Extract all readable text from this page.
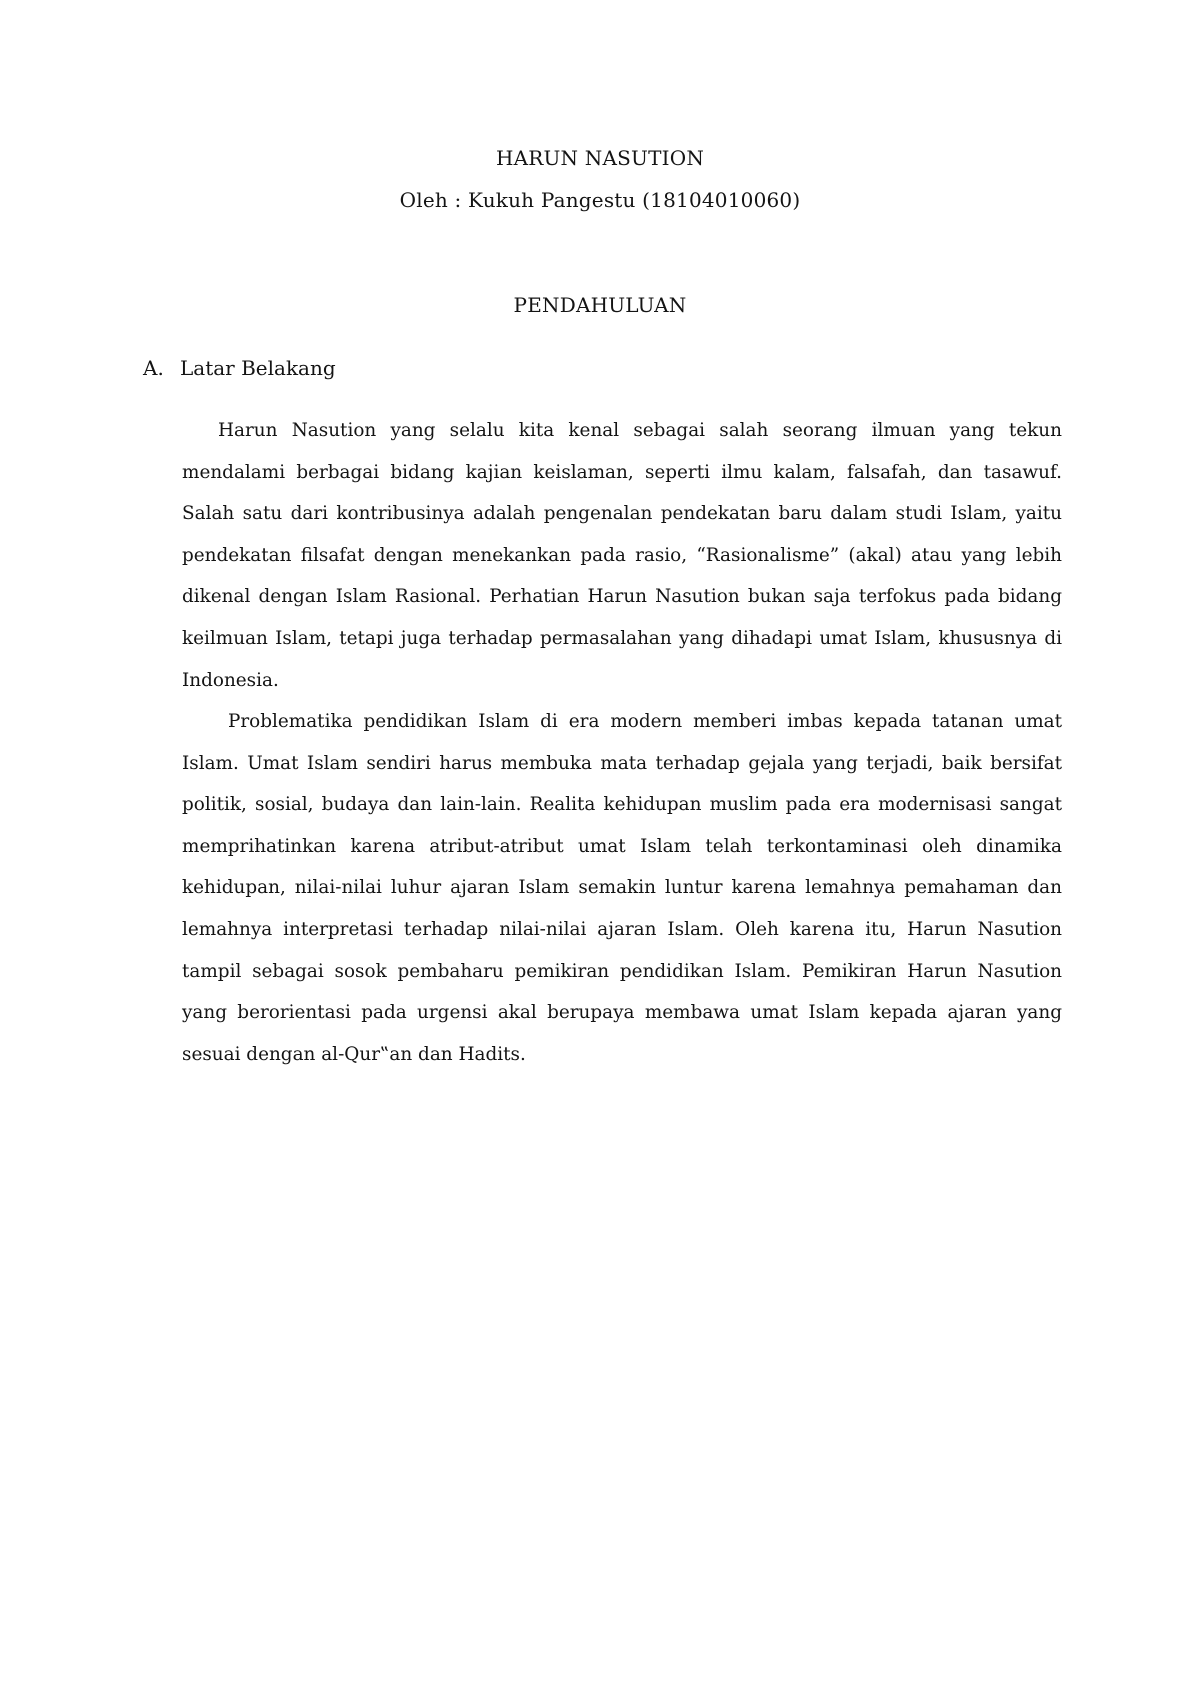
HARUN NASUTION
Oleh : Kukuh Pangestu (18104010060)
PENDAHULUAN
A. Latar Belakang

Harun Nasution yang selalu kita kenal sebagai salah seorang ilmuan yang tekun mendalami berbagai bidang kajian keislaman, seperti ilmu kalam, falsafah, dan tasawuf. Salah satu dari kontribusinya adalah pengenalan pendekatan baru dalam studi Islam, yaitu pendekatan filsafat dengan menekankan pada rasio, “Rasionalisme” (akal) atau yang lebih dikenal dengan Islam Rasional. Perhatian Harun Nasution bukan saja terfokus pada bidang keilmuan Islam, tetapi juga terhadap permasalahan yang dihadapi umat Islam, khususnya di Indonesia.

Problematika pendidikan Islam di era modern memberi imbas kepada tatanan umat Islam. Umat Islam sendiri harus membuka mata terhadap gejala yang terjadi, baik bersifat politik, sosial, budaya dan lain-lain. Realita kehidupan muslim pada era modernisasi sangat memprihatinkan karena atribut-atribut umat Islam telah terkontaminasi oleh dinamika kehidupan, nilai-nilai luhur ajaran Islam semakin luntur karena lemahnya pemahaman dan lemahnya interpretasi terhadap nilai-nilai ajaran Islam. Oleh karena itu, Harun Nasution tampil sebagai sosok pembaharu pemikiran pendidikan Islam. Pemikiran Harun Nasution yang berorientasi pada urgensi akal berupaya membawa umat Islam kepada ajaran yang sesuai dengan al-Qur‟an dan Hadits.
